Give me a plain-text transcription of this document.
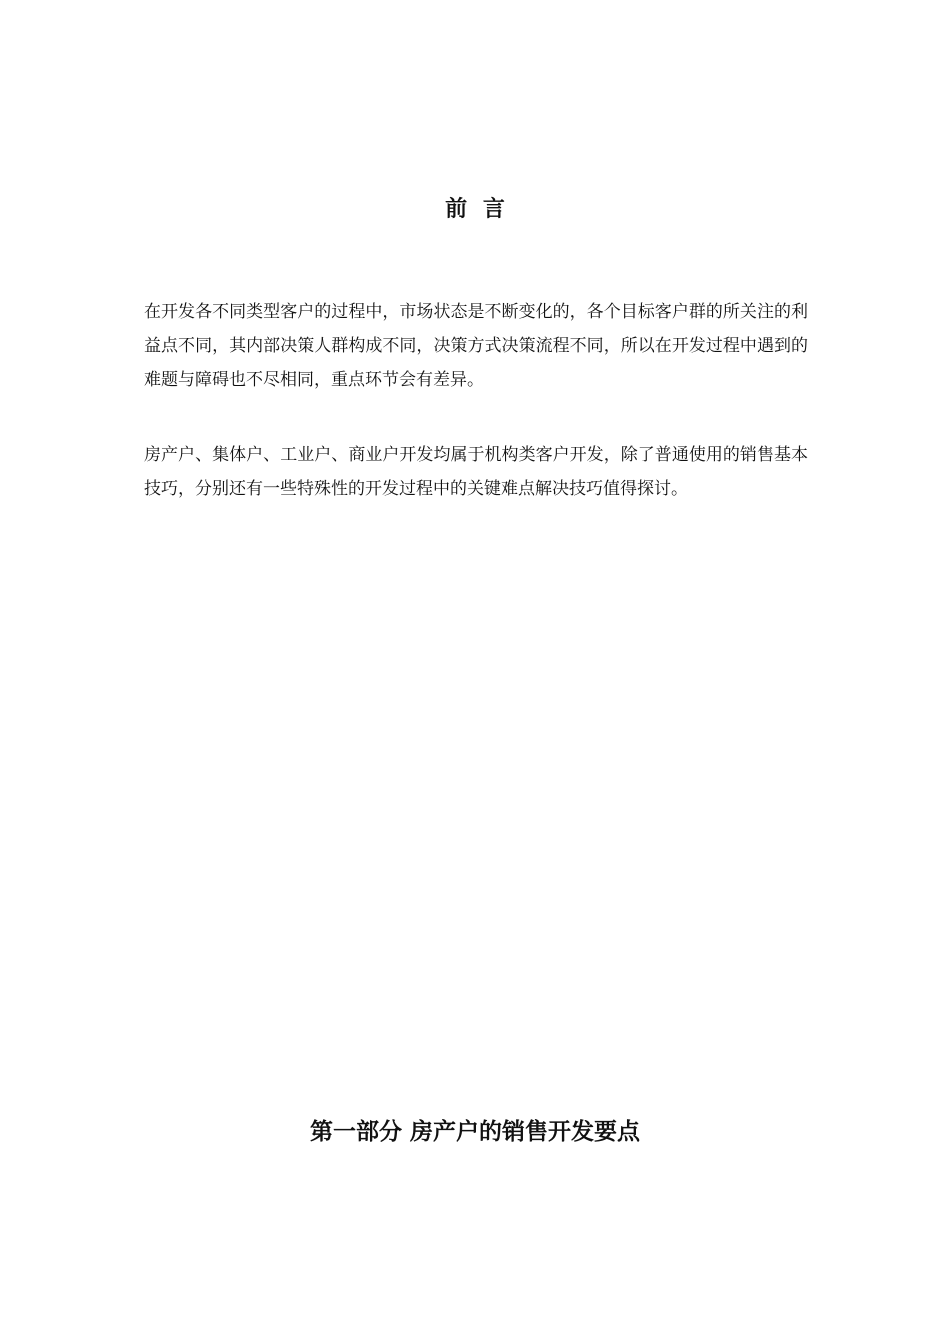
前 言

在开发各不同类型客户的过程中，市场状态是不断变化的，各个目标客户群的所关注的利益点不同，其内部决策人群构成不同，决策方式决策流程不同，所以在开发过程中遇到的难题与障碍也不尽相同，重点环节会有差异。

房产户、集体户、工业户、商业户开发均属于机构类客户开发，除了普通使用的销售基本技巧，分别还有一些特殊性的开发过程中的关键难点解决技巧值得探讨。

第一部分 房产户的销售开发要点
